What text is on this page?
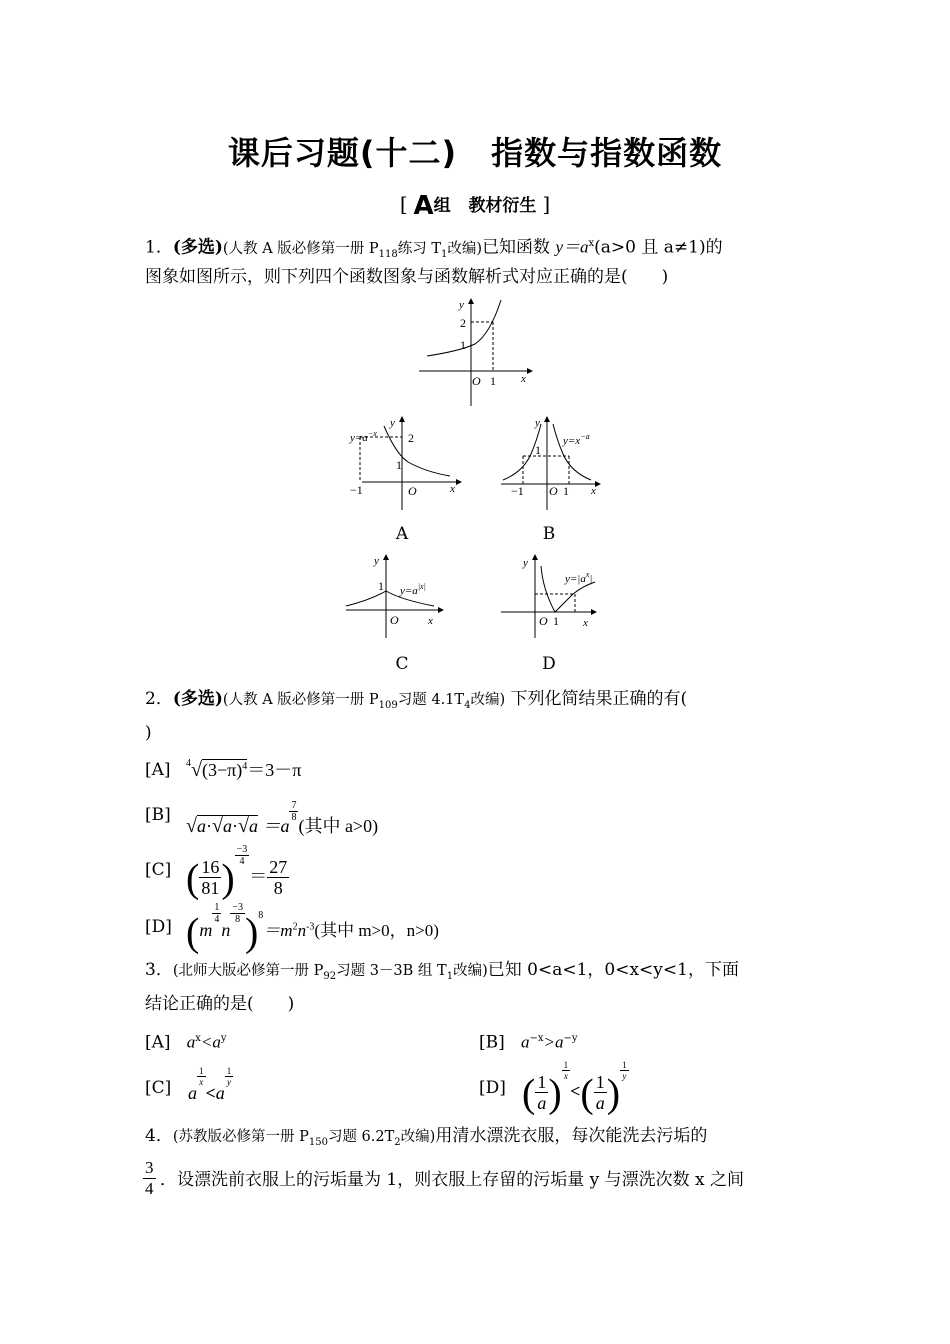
课后习题(十二) 指数与指数函数
[ A组 教材衍生 ]
1．(多选)(人教 A 版必修第一册 $P_{118}$练习 $T_1$改编)已知函数 $y=a^x(a>0$ 且 a≠1)的
图象如图所示，则下列四个函数图象与函数解析式对应正确的是(　　)
y
2
1
O 1 x
$y=a^{-x}$
y
2
1
−1	O	x
y
$y=x^{-a}$
1
−1 O 1 x
A	B
y
1 $y=a^{|x|}$
O	x
y
$y=|a^x|$
O 1 x
C	D
2．(多选)(人教 A 版必修第一册 $P_{109}$习题 $4.1T_4$改编) 下列化简结果正确的有(
)
[A] $^4√(3-\pi)^4=3-\pi$
[B] √a·√a·√a ＝a
$\frac{7}{8}$
(其中 a>0)
[C] ( $\frac{16}{81}$ ) $\frac{-3}{4}$
＝ $\frac{27}{8}$
[D] (m
$\frac{1}{4}$
n
$\frac{-3}{8} )^8=m^2n^{-3}$(其中 m>0，n>0)
3．(北师大版必修第一册 $P_{92}$习题 3－3B 组 $T_1$改编)已知 0<a<1，0<x<y<1，下面
结论正确的是(　　)
[A] $a^x<a^y$	[B] $a^{-x}>a^{-y}$
[C] a
$\frac{1}{x}$
<a
$\frac{1}{y}$
[D] ( $\frac{1}{a}$ ) $\frac{1}{x}$
<( $\frac{1}{a}$ ) $\frac{1}{y}$
4．(苏教版必修第一册 $P_{150}$习题 $6.2T_2$改编)用清水漂洗衣服，每次能洗去污垢的
$\frac{3}{4}$ ．设漂洗前衣服上的污垢量为 1，则衣服上存留的污垢量 y 与漂洗次数 x 之间
